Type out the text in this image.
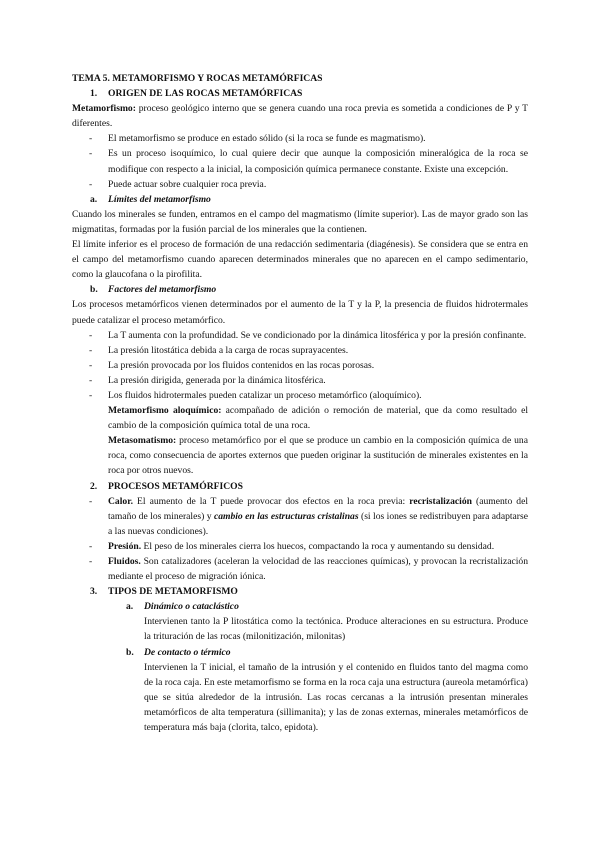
TEMA 5. METAMORFISMO Y ROCAS METAMÓRFICAS

1. ORIGEN DE LAS ROCAS METAMÓRFICAS

Metamorfismo: proceso geológico interno que se genera cuando una roca previa es sometida a condiciones de P y T diferentes.

- El metamorfismo se produce en estado sólido (si la roca se funde es magmatismo).

- Es un proceso isoquímico, lo cual quiere decir que aunque la composición mineralógica de la roca se modifique con respecto a la inicial, la composición química permanece constante. Existe una excepción.

- Puede actuar sobre cualquier roca previa.

a. Límites del metamorfismo

Cuando los minerales se funden, entramos en el campo del magmatismo (límite superior). Las de mayor grado son las migmatitas, formadas por la fusión parcial de los minerales que la contienen.

El límite inferior es el proceso de formación de una redacción sedimentaria (diagénesis). Se considera que se entra en el campo del metamorfismo cuando aparecen determinados minerales que no aparecen en el campo sedimentario, como la glaucofana o la pirofilita.

b. Factores del metamorfismo

Los procesos metamórficos vienen determinados por el aumento de la T y la P, la presencia de fluidos hidrotermales puede catalizar el proceso metamórfico.

- La T aumenta con la profundidad. Se ve condicionado por la dinámica litosférica y por la presión confinante.

- La presión litostática debida a la carga de rocas suprayacentes.

- La presión provocada por los fluidos contenidos en las rocas porosas.

- La presión dirigida, generada por la dinámica litosférica.

- Los fluidos hidrotermales pueden catalizar un proceso metamórfico (aloquímico).

Metamorfismo aloquímico: acompañado de adición o remoción de material, que da como resultado el cambio de la composición química total de una roca.

Metasomatismo: proceso metamórfico por el que se produce un cambio en la composición química de una roca, como consecuencia de aportes externos que pueden originar la sustitución de minerales existentes en la roca por otros nuevos.

2. PROCESOS METAMÓRFICOS

- Calor. El aumento de la T puede provocar dos efectos en la roca previa: recristalización (aumento del tamaño de los minerales) y cambio en las estructuras cristalinas (si los iones se redistribuyen para adaptarse a las nuevas condiciones).

- Presión. El peso de los minerales cierra los huecos, compactando la roca y aumentando su densidad.

- Fluidos. Son catalizadores (aceleran la velocidad de las reacciones químicas), y provocan la recristalización mediante el proceso de migración iónica.

3. TIPOS DE METAMORFISMO

a. Dinámico o cataclástico

Intervienen tanto la P litostática como la tectónica. Produce alteraciones en su estructura. Produce la trituración de las rocas (milonitización, milonitas)

b. De contacto o térmico

Intervienen la T inicial, el tamaño de la intrusión y el contenido en fluidos tanto del magma como de la roca caja. En este metamorfismo se forma en la roca caja una estructura (aureola metamórfica) que se sitúa alrededor de la intrusión. Las rocas cercanas a la intrusión presentan minerales metamórficos de alta temperatura (sillimanita); y las de zonas externas, minerales metamórficos de temperatura más baja (clorita, talco, epidota).
